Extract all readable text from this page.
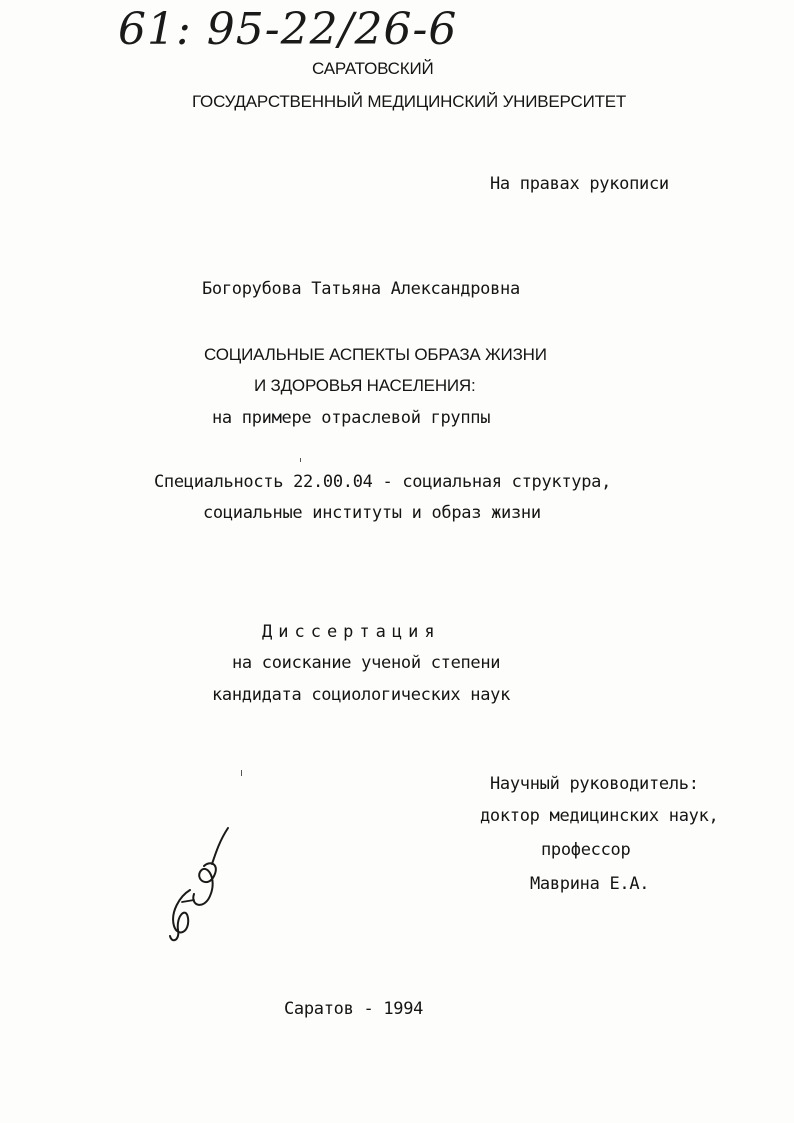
61: 95-22/26-6
САРАТОВСКИЙ
ГОСУДАРСТВЕННЫЙ МЕДИЦИНСКИЙ УНИВЕРСИТЕТ
На правах рукописи
Богорубова Татьяна Александровна
СОЦИАЛЬНЫЕ АСПЕКТЫ ОБРАЗА ЖИЗНИ
И ЗДОРОВЬЯ НАСЕЛЕНИЯ:
на примере отраслевой группы
Специальность 22.00.04 - социальная структура,
социальные институты и образ жизни
Диссертация
на соискание ученой степени
кандидата социологических наук
Научный руководитель:
доктор медицинских наук,
профессор
Маврина Е.А.
Саратов - 1994
